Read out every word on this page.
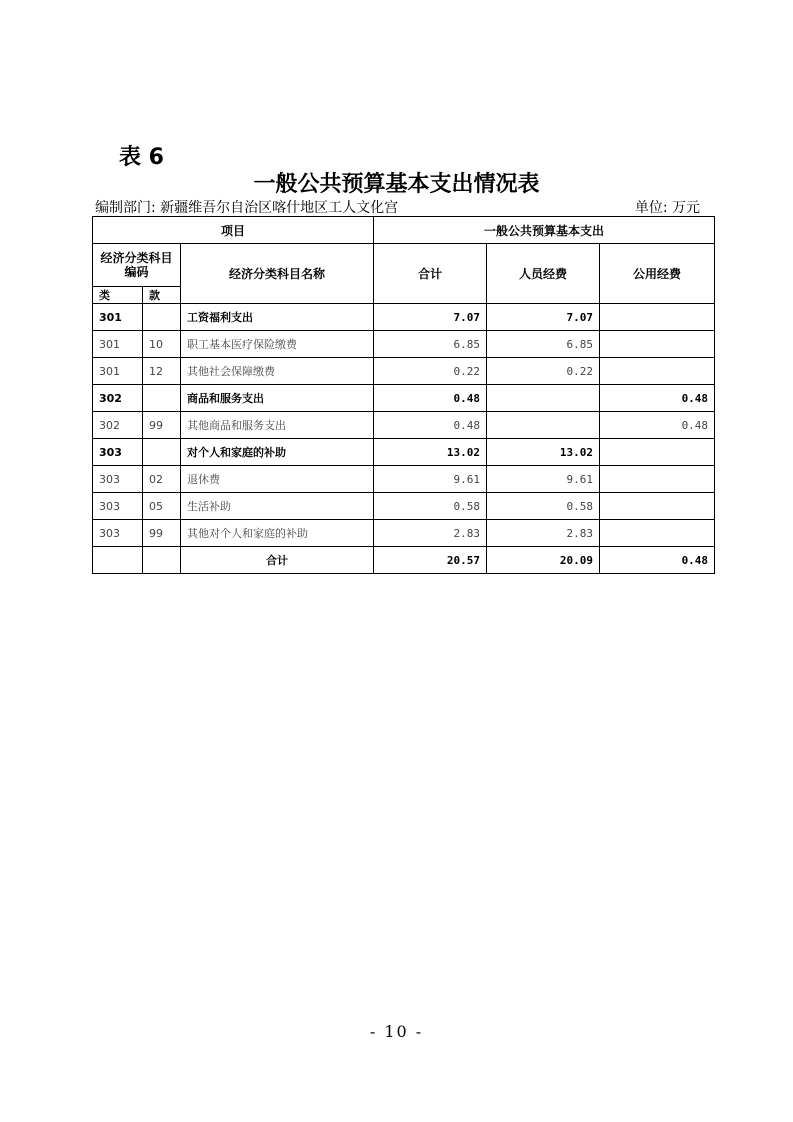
表 6
一般公共预算基本支出情况表
编制部门: 新疆维吾尔自治区喀什地区工人文化宫	单位: 万元
项目			一般公共预算基本支出		
经济分类科目编码		经济分类科目名称	合计	人员经费	公用经费
类	款				
301		工资福利支出	7.07	7.07	
301	10	职工基本医疗保险缴费	6.85	6.85	
301	12	其他社会保障缴费	0.22	0.22	
302		商品和服务支出	0.48		0.48
302	99	其他商品和服务支出	0.48		0.48
303		对个人和家庭的补助	13.02	13.02	
303	02	退休费	9.61	9.61	
303	05	生活补助	0.58	0.58	
303	99	其他对个人和家庭的补助	2.83	2.83	
		合计	20.57	20.09	0.48
- 10 -
